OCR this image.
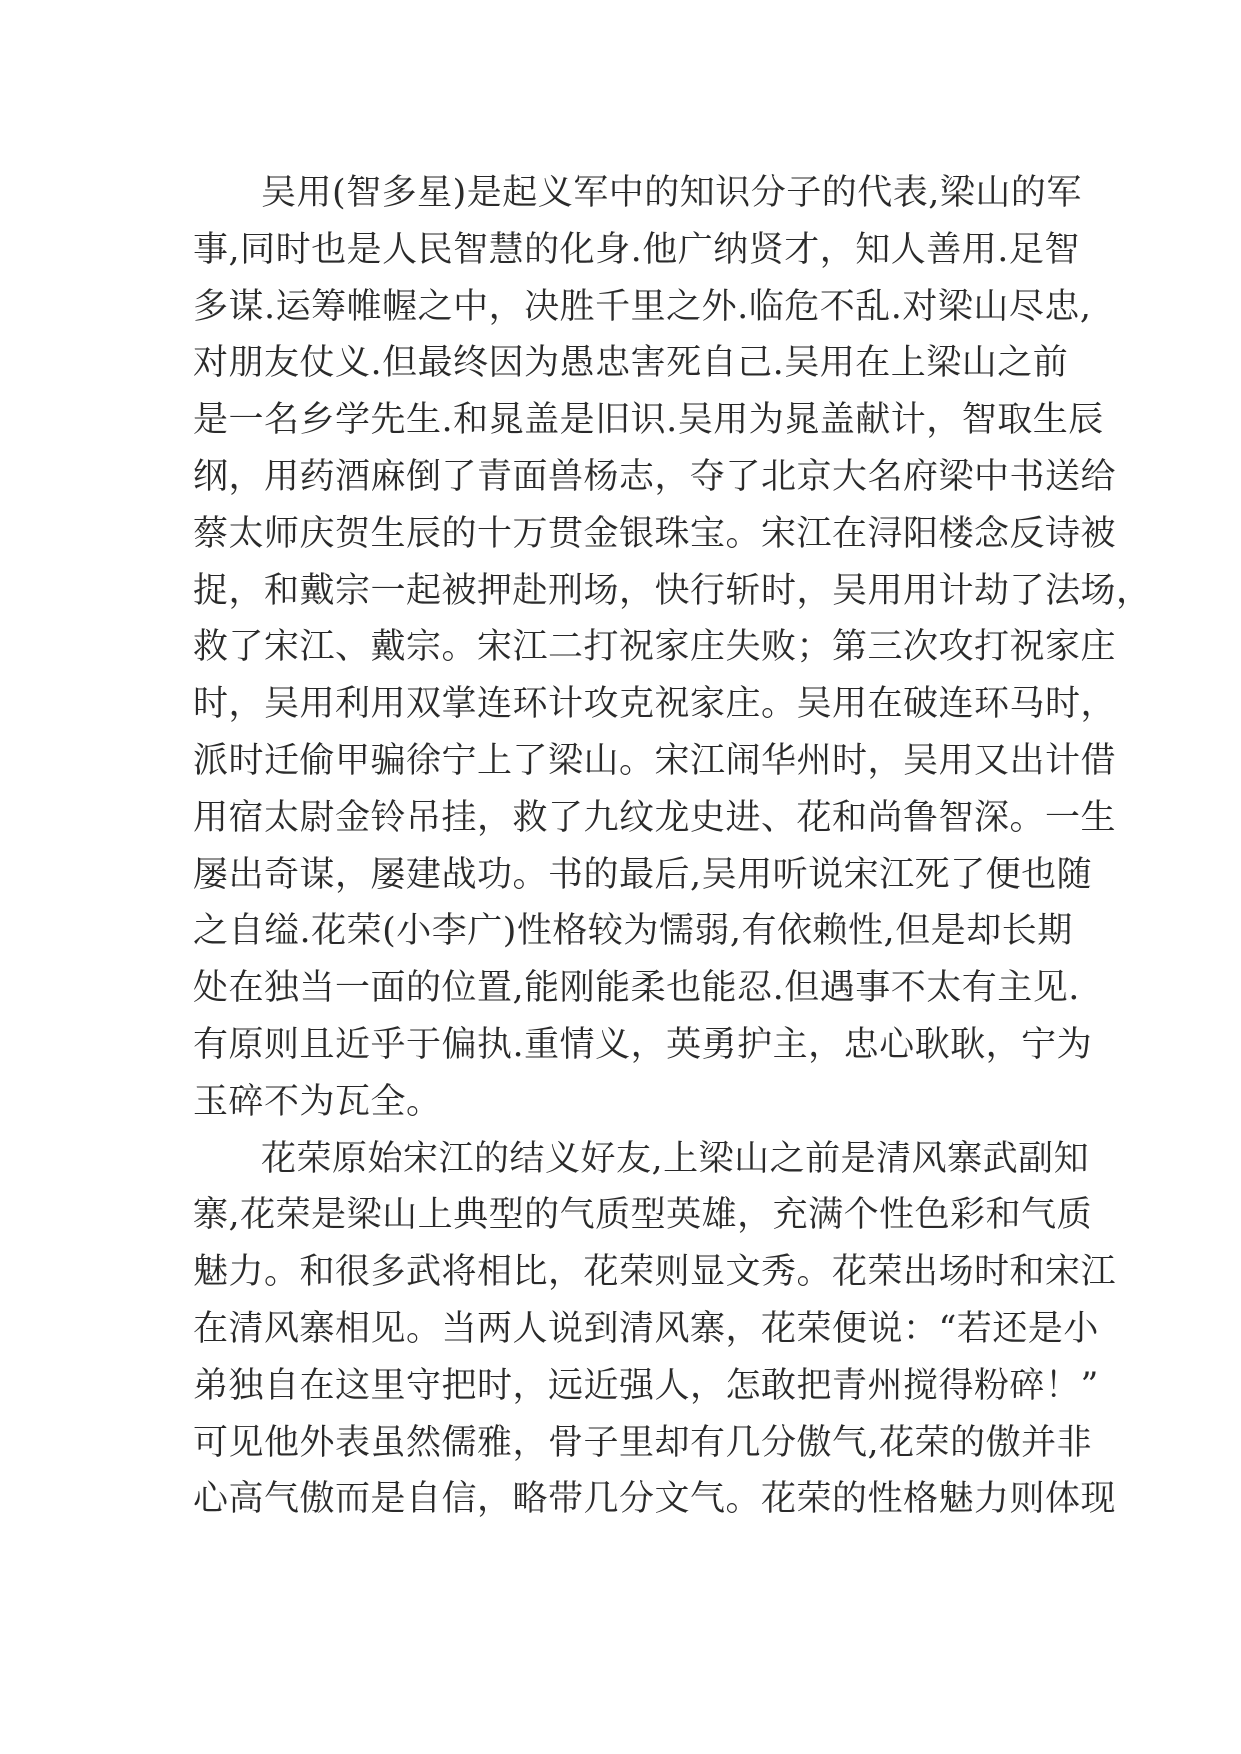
吴用(智多星)是起义军中的知识分子的代表,梁山的军
事,同时也是人民智慧的化身.他广纳贤才，知人善用.足智
多谋.运筹帷幄之中，决胜千里之外.临危不乱.对梁山尽忠,
对朋友仗义.但最终因为愚忠害死自己.吴用在上梁山之前
是一名乡学先生.和晁盖是旧识.吴用为晁盖献计，智取生辰
纲，用药酒麻倒了青面兽杨志，夺了北京大名府梁中书送给
蔡太师庆贺生辰的十万贯金银珠宝。宋江在浔阳楼念反诗被
捉，和戴宗一起被押赴刑场，快行斩时，吴用用计劫了法场，
救了宋江、戴宗。宋江二打祝家庄失败；第三次攻打祝家庄
时，吴用利用双掌连环计攻克祝家庄。吴用在破连环马时，
派时迁偷甲骗徐宁上了梁山。宋江闹华州时，吴用又出计借
用宿太尉金铃吊挂，救了九纹龙史进、花和尚鲁智深。一生
屡出奇谋，屡建战功。书的最后,吴用听说宋江死了便也随
之自缢.花荣(小李广)性格较为懦弱,有依赖性,但是却长期
处在独当一面的位置,能刚能柔也能忍.但遇事不太有主见.
有原则且近乎于偏执.重情义，英勇护主，忠心耿耿，宁为
玉碎不为瓦全。

花荣原始宋江的结义好友,上梁山之前是清风寨武副知
寨,花荣是梁山上典型的气质型英雄，充满个性色彩和气质
魅力。和很多武将相比，花荣则显文秀。花荣出场时和宋江
在清风寨相见。当两人说到清风寨，花荣便说：“若还是小
弟独自在这里守把时，远近强人，怎敢把青州搅得粉碎！”
可见他外表虽然儒雅，骨子里却有几分傲气,花荣的傲并非
心高气傲而是自信，略带几分文气。花荣的性格魅力则体现
